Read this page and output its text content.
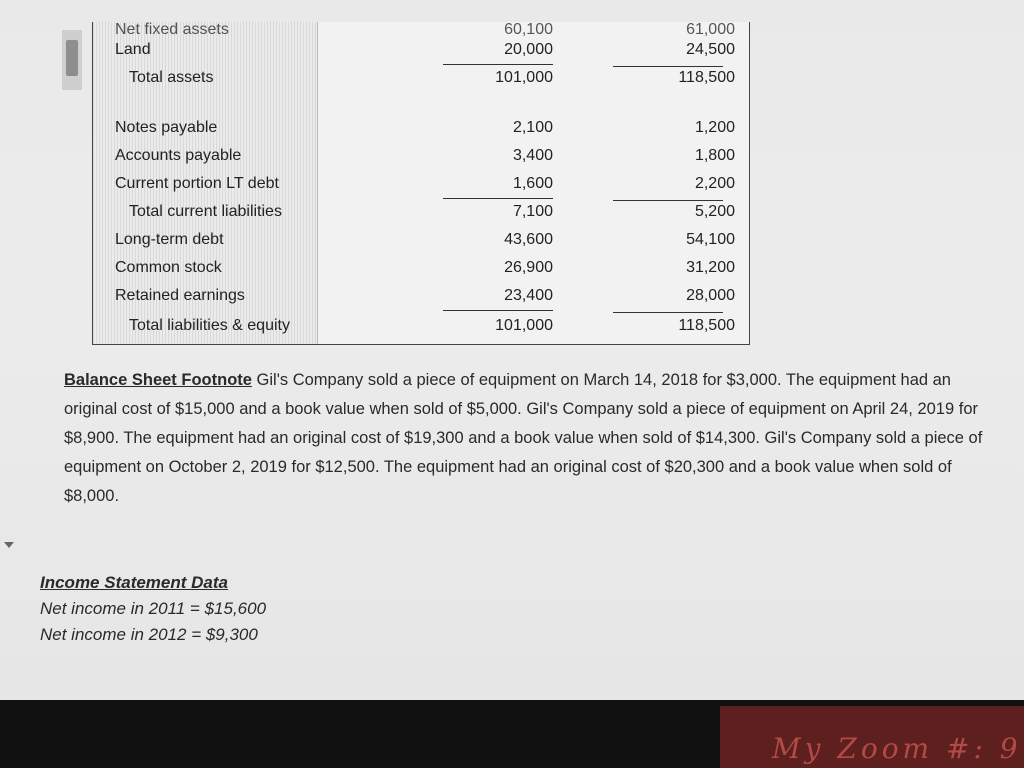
Net fixed assets	60,100	61,000
Land	20,000	24,500
Total assets	101,000	118,500
Notes payable	2,100	1,200
Accounts payable	3,400	1,800
Current portion LT debt	1,600	2,200
Total current liabilities	7,100	5,200
Long-term debt	43,600	54,100
Common stock	26,900	31,200
Retained earnings	23,400	28,000
Total liabilities & equity	101,000	118,500
Balance Sheet Footnote Gil's Company sold a piece of equipment on March 14, 2018 for $3,000. The equipment had an original cost of $15,000 and a book value when sold of $5,000. Gil's Company sold a piece of equipment on April 24, 2019 for $8,900. The equipment had an original cost of $19,300 and a book value when sold of $14,300. Gil's Company sold a piece of equipment on October 2, 2019 for $12,500. The equipment had an original cost of $20,300 and a book value when sold of $8,000.
Income Statement Data
Net income in 2011 = $15,600
Net income in 2012 = $9,300
My Zoom #: 9
